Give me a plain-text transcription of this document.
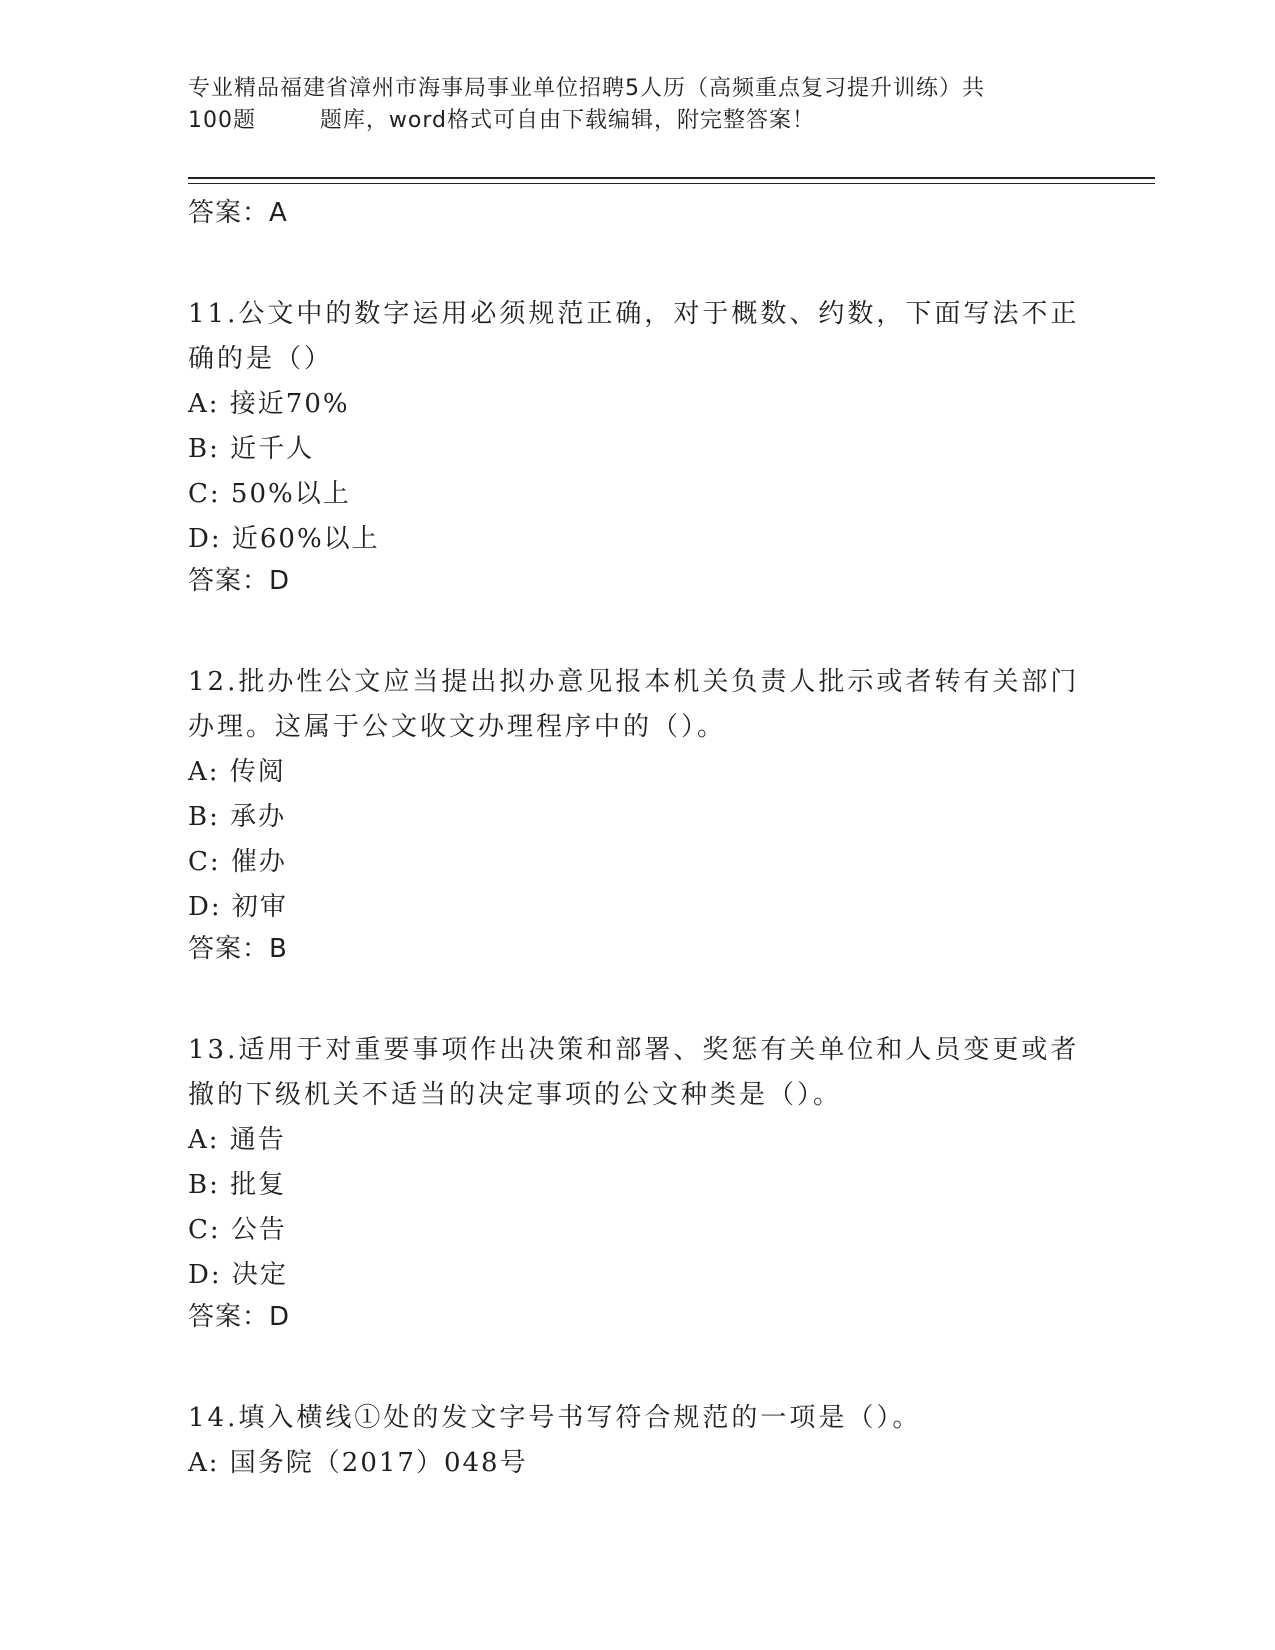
专业精品福建省漳州市海事局事业单位招聘5人历（高频重点复习提升训练）共
100题        题库，word格式可自由下载编辑，附完整答案！

答案：A

11.公文中的数字运用必须规范正确，对于概数、约数，下面写法不正确的是（）

A: 接近70%

B: 近千人

C: 50%以上

D: 近60%以上

答案：D

12.批办性公文应当提出拟办意见报本机关负责人批示或者转有关部门办理。这属于公文收文办理程序中的（）。

A: 传阅

B: 承办

C: 催办

D: 初审

答案：B

13.适用于对重要事项作出决策和部署、奖惩有关单位和人员变更或者撤的下级机关不适当的决定事项的公文种类是（）。

A: 通告

B: 批复

C: 公告

D: 决定

答案：D

14.填入横线①处的发文字号书写符合规范的一项是（）。

A: 国务院（2017）048号
